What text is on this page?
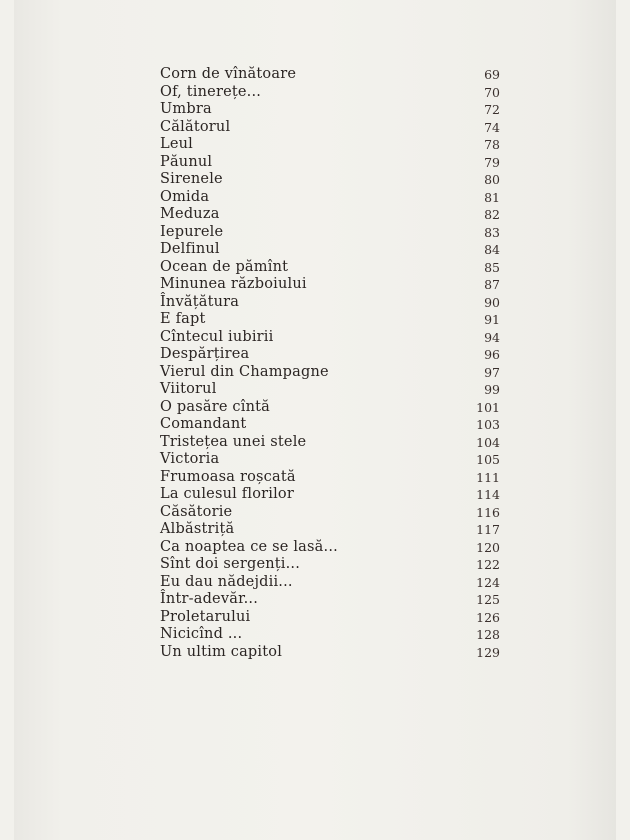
Corn de vînătoare	69
Of, tinerețe...	70
Umbra	72
Călătorul	74
Leul	78
Păunul	79
Sirenele	80
Omida	81
Meduza	82
Iepurele	83
Delfinul	84
Ocean de pămînt	85
Minunea războiului	87
Învățătura	90
E fapt	91
Cîntecul iubirii	94
Despărțirea	96
Vierul din Champagne	97
Viitorul	99
O pasăre cîntă	101
Comandant	103
Tristețea unei stele	104
Victoria	105
Frumoasa roșcată	111
La culesul florilor	114
Căsătorie	116
Albăstriță	117
Ca noaptea ce se lasă...	120
Sînt doi sergenți...	122
Eu dau nădejdii...	124
Într-adevăr...	125
Proletarului	126
Nicicînd ...	128
Un ultim capitol	129
